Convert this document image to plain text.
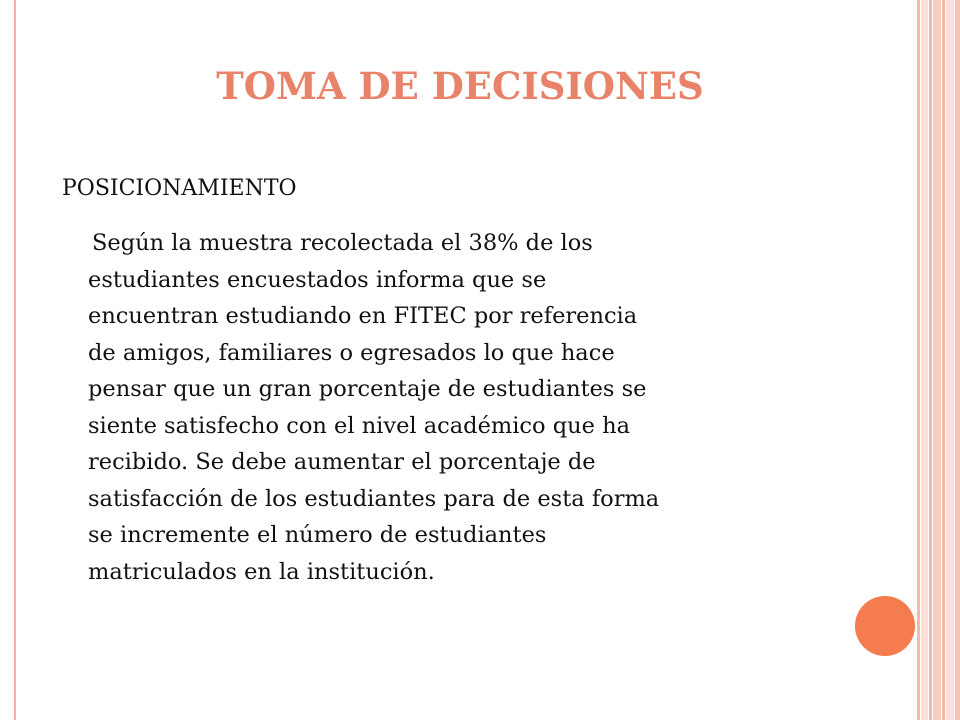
TOMA DE DECISIONES

POSICIONAMIENTO

Según la muestra recolectada el 38% de los
estudiantes encuestados informa que se
encuentran estudiando en FITEC por referencia
de amigos, familiares o egresados lo que hace
pensar que un gran porcentaje de estudiantes se
siente satisfecho con el nivel académico que ha
recibido. Se debe aumentar el porcentaje de
satisfacción de los estudiantes para de esta forma
se incremente el número de estudiantes
matriculados en la institución.
